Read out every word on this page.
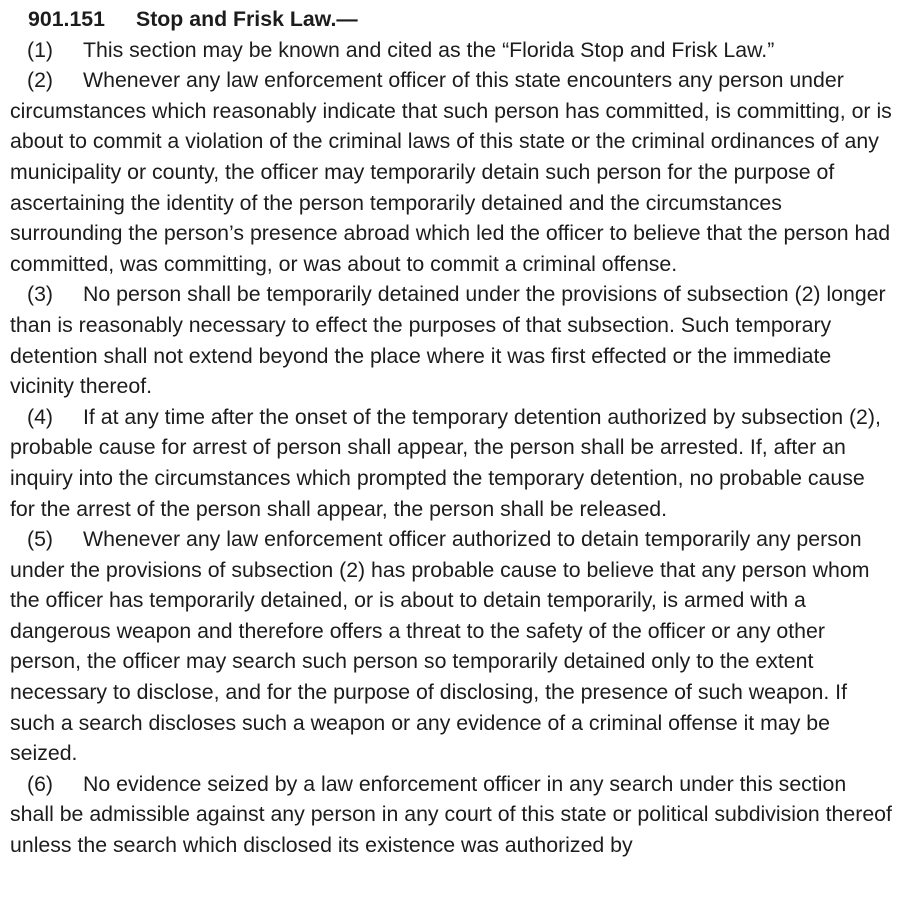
901.151 Stop and Frisk Law.—

(1) This section may be known and cited as the “Florida Stop and Frisk Law.”

(2) Whenever any law enforcement officer of this state encounters any person under circumstances which reasonably indicate that such person has committed, is committing, or is about to commit a violation of the criminal laws of this state or the criminal ordinances of any municipality or county, the officer may temporarily detain such person for the purpose of ascertaining the identity of the person temporarily detained and the circumstances surrounding the person’s presence abroad which led the officer to believe that the person had committed, was committing, or was about to commit a criminal offense.

(3) No person shall be temporarily detained under the provisions of subsection (2) longer than is reasonably necessary to effect the purposes of that subsection. Such temporary detention shall not extend beyond the place where it was first effected or the immediate vicinity thereof.

(4) If at any time after the onset of the temporary detention authorized by subsection (2), probable cause for arrest of person shall appear, the person shall be arrested. If, after an inquiry into the circumstances which prompted the temporary detention, no probable cause for the arrest of the person shall appear, the person shall be released.

(5) Whenever any law enforcement officer authorized to detain temporarily any person under the provisions of subsection (2) has probable cause to believe that any person whom the officer has temporarily detained, or is about to detain temporarily, is armed with a dangerous weapon and therefore offers a threat to the safety of the officer or any other person, the officer may search such person so temporarily detained only to the extent necessary to disclose, and for the purpose of disclosing, the presence of such weapon. If such a search discloses such a weapon or any evidence of a criminal offense it may be seized.

(6) No evidence seized by a law enforcement officer in any search under this section shall be admissible against any person in any court of this state or political subdivision thereof unless the search which disclosed its existence was authorized by
